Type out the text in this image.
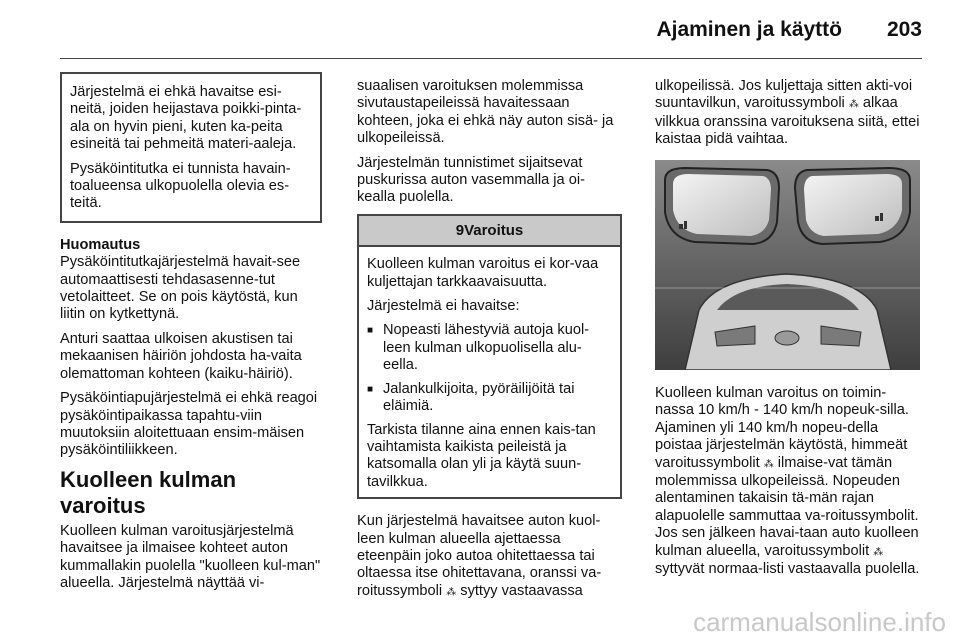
Ajaminen ja käyttö 203

Järjestelmä ei ehkä havaitse esi-neitä, joiden heijastava poikki-pinta-ala on hyvin pieni, kuten ka-peita esineitä tai pehmeitä materi-aaleja.

Pysäköintitutka ei tunnista havain-toalueensa ulkopuolella olevia es-teitä.

Huomautus

Pysäköintitutkajärjestelmä havait-see automaattisesti tehdasasenne-tut vetolaitteet. Se on pois käytöstä, kun liitin on kytkettynä.

Anturi saattaa ulkoisen akustisen tai mekaanisen häiriön johdosta ha-vaita olemattoman kohteen (kaiku-häiriö).

Pysäköintiapujärjestelmä ei ehkä reagoi pysäköintipaikassa tapahtu-viin muutoksiin aloitettuaan ensim-mäisen pysäköintiliikkeen.

Kuolleen kulman varoitus

Kuolleen kulman varoitusjärjestelmä havaitsee ja ilmaisee kohteet auton kummallakin puolella "kuolleen kul-man" alueella. Järjestelmä näyttää vi-

suaalisen varoituksen molemmissa sivutaustapeileissä havaitessaan kohteen, joka ei ehkä näy auton sisä- ja ulkopeileissä.

Järjestelmän tunnistimet sijaitsevat puskurissa auton vasemmalla ja oi-kealla puolella.

9Varoitus

Kuolleen kulman varoitus ei kor-vaa kuljettajan tarkkaavaisuutta.

Järjestelmä ei havaitse:

■ Nopeasti lähestyviä autoja kuol-leen kulman ulkopuolisella alu-eella.
■ Jalankulkijoita, pyöräilijöitä tai eläimiä.

Tarkista tilanne aina ennen kais-tan vaihtamista kaikista peileistä ja katsomalla olan yli ja käytä suun-tavilkkua.

Kun järjestelmä havaitsee auton kuol-leen kulman alueella ajettaessa eteenpäin joko autoa ohitettaessa tai oltaessa itse ohitettavana, oranssi va-roitussymboli ⁂ syttyy vastaavassa

ulkopeilissä. Jos kuljettaja sitten akti-voi suuntavilkun, varoitussymboli ⁂ alkaa vilkkua oranssina varoituksena siitä, ettei kaistaa pidä vaihtaa.

Kuolleen kulman varoitus on toimin-nassa 10 km/h - 140 km/h nopeuk-silla. Ajaminen yli 140 km/h nopeu-della poistaa järjestelmän käytöstä, himmeät varoitussymbolit ⁂ ilmaise-vat tämän molemmissa ulkopeileissä. Nopeuden alentaminen takaisin tä-män rajan alapuolelle sammuttaa va-roitussymbolit. Jos sen jälkeen havai-taan auto kuolleen kulman alueella, varoitussymbolit ⁂ syttyvät normaa-listi vastaavalla puolella.

carmanualsonline.info
